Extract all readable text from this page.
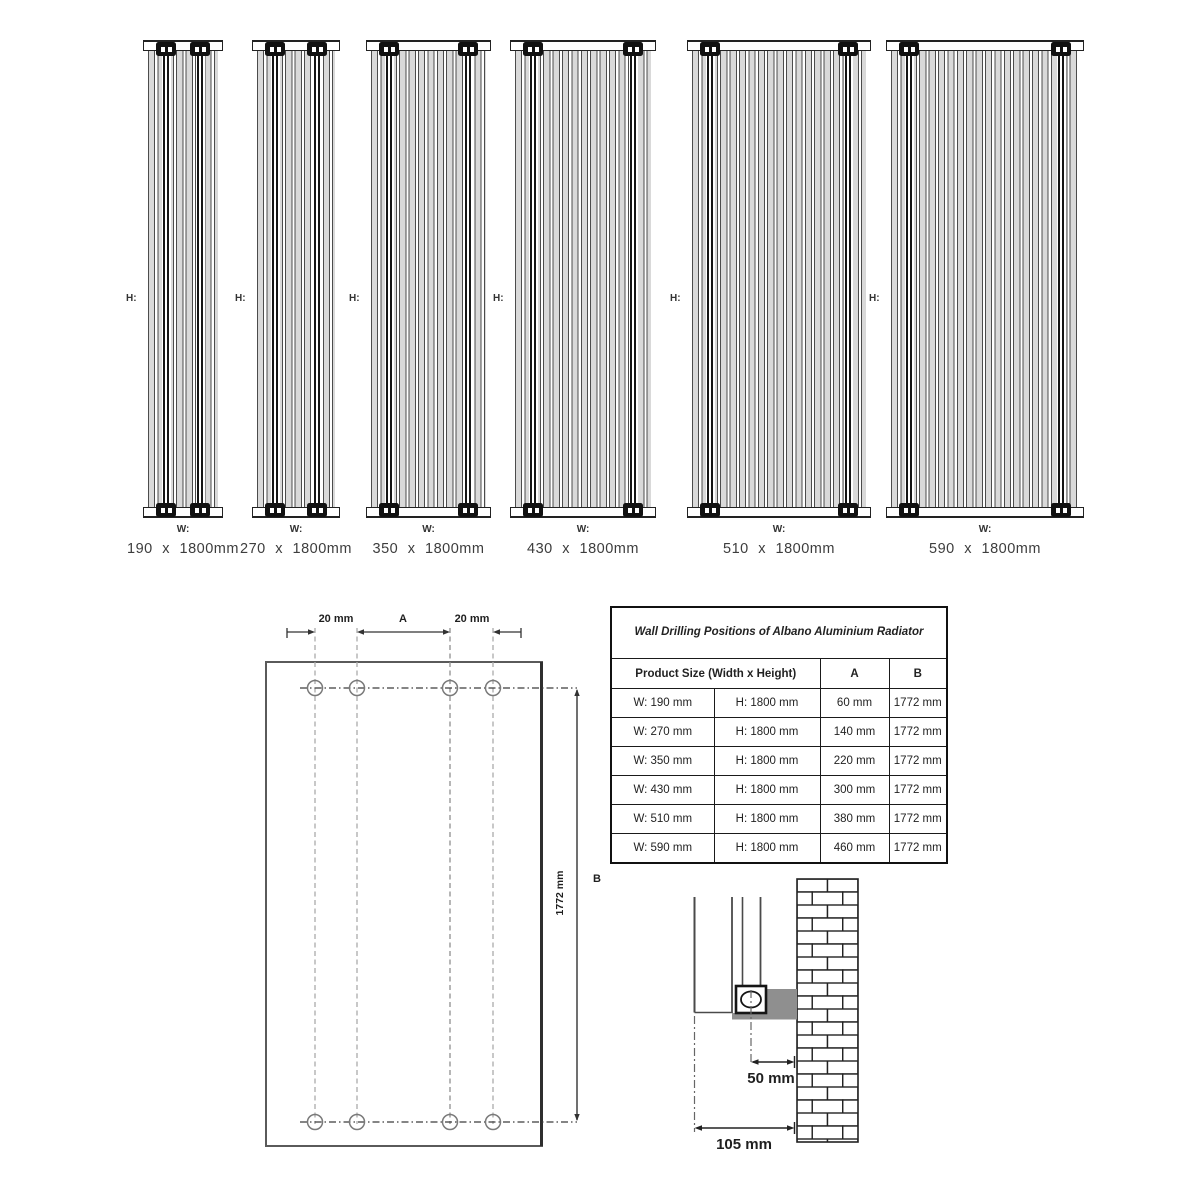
H:
W:
190 x 1800mm
H:
W:
270 x 1800mm
H:
W:
350 x 1800mm
H:
W:
430 x 1800mm
H:
W:
510 x 1800mm
H:
W:
590 x 1800mm
20 mm	A	20 mm
1772 mm B
Wall Drilling Positions of Albano Aluminium Radiator			
Product Size (Width x Height)		A	B
W: 190 mm	H: 1800 mm	60 mm	1772 mm
W: 270 mm	H: 1800 mm	140 mm	1772 mm
W: 350 mm	H: 1800 mm	220 mm	1772 mm
W: 430 mm	H: 1800 mm	300 mm	1772 mm
W: 510 mm	H: 1800 mm	380 mm	1772 mm
W: 590 mm	H: 1800 mm	460 mm	1772 mm
50 mm
105 mm
